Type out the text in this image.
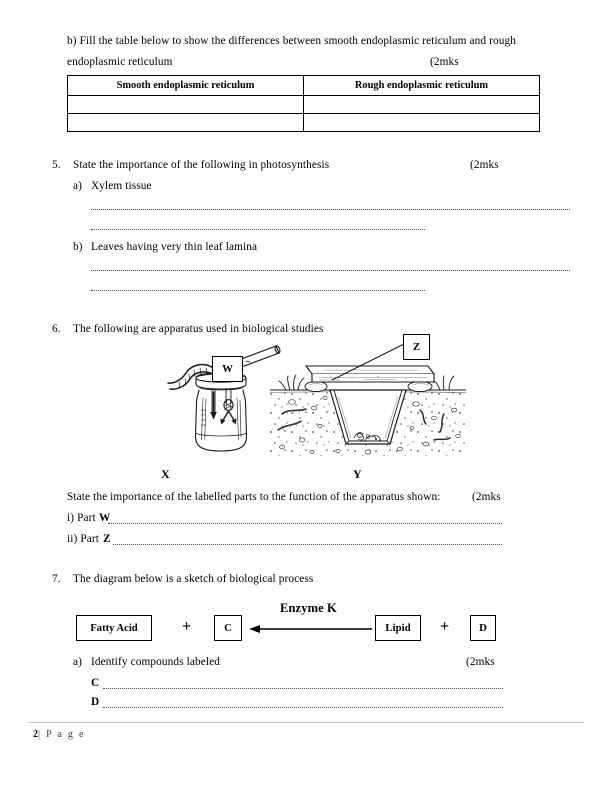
b) Fill the table below to show the differences between smooth endoplasmic reticulum and rough
endoplasmic reticulum	(2mks
Smooth endoplasmic reticulum	Rough endoplasmic reticulum

5. State the importance of the following in photosynthesis	(2mks
a) Xylem tissue
b) Leaves having very thin leaf lamina
6. The following are apparatus used in biological studies
W
Z
X	Y
State the importance of the labelled parts to the function of the apparatus shown:	(2mks
i) Part W
ii) Part Z
7. The diagram below is a sketch of biological process
Enzyme K
Fatty Acid	+	C	Lipid	+	D
a) Identify compounds labeled	(2mks
C
D
2| P a g e
